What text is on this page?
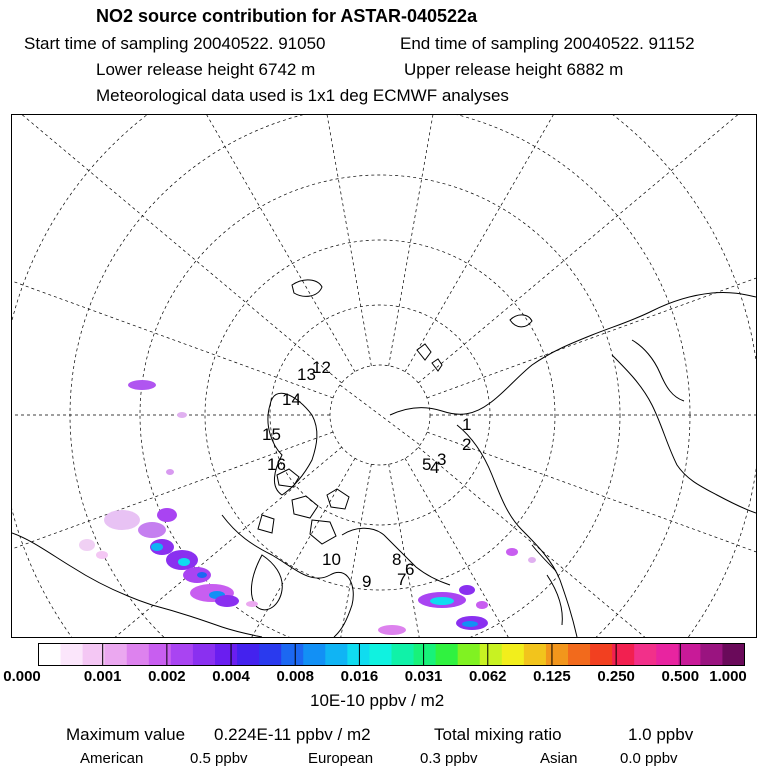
NO2 source contribution for ASTAR-040522a
Start time of sampling 20040522. 91050	End time of sampling 20040522. 91152
Lower release height 6742 m	Upper release height 6882 m
Meteorological data used is 1x1 deg ECMWF analyses
1
2
3
4
5
6
7
8
9
10
12
13
14
15
16
0.000	0.001 0.002 0.004 0.008 0.016 0.031 0.062 0.125 0.250 0.500 1.000
10E-10 ppbv / m2
Maximum value 0.224E-11 ppbv / m2	Total mixing ratio	1.0 ppbv
American	0.5 ppbv	European	0.3 ppbv	Asian	0.0 ppbv
